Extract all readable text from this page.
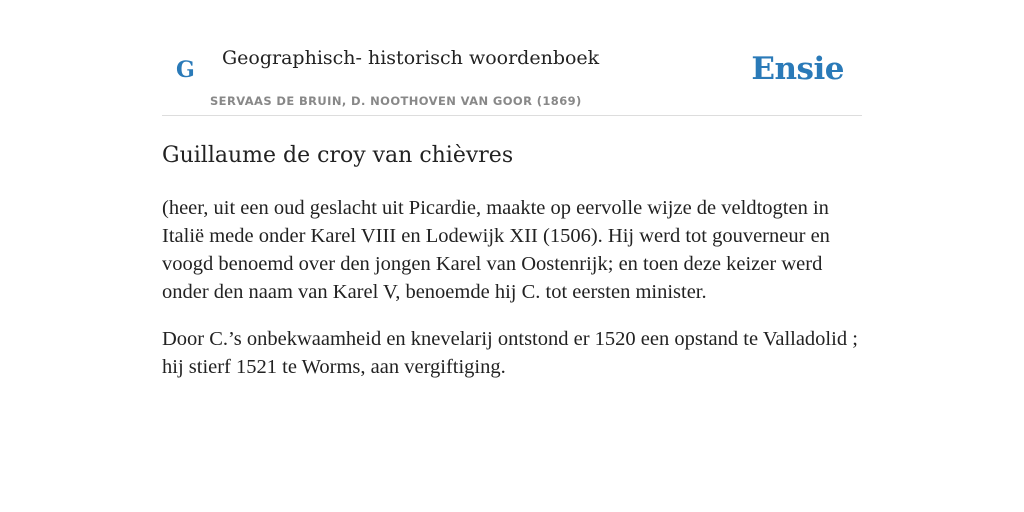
G Geographisch- historisch woordenboek
SERVAAS DE BRUIN, D. NOOTHOVEN VAN GOOR (1869)
Ensie
Guillaume de croy van chièvres

(heer, uit een oud geslacht uit Picardie, maakte op eervolle wijze de veldtogten in Italië mede onder Karel VIII en Lodewijk XII (1506). Hij werd tot gouverneur en voogd benoemd over den jongen Karel van Oostenrijk; en toen deze keizer werd onder den naam van Karel V, benoemde hij C. tot eersten minister.

Door C.’s onbekwaamheid en knevelarij ontstond er 1520 een opstand te Valladolid ; hij stierf 1521 te Worms, aan vergiftiging.
